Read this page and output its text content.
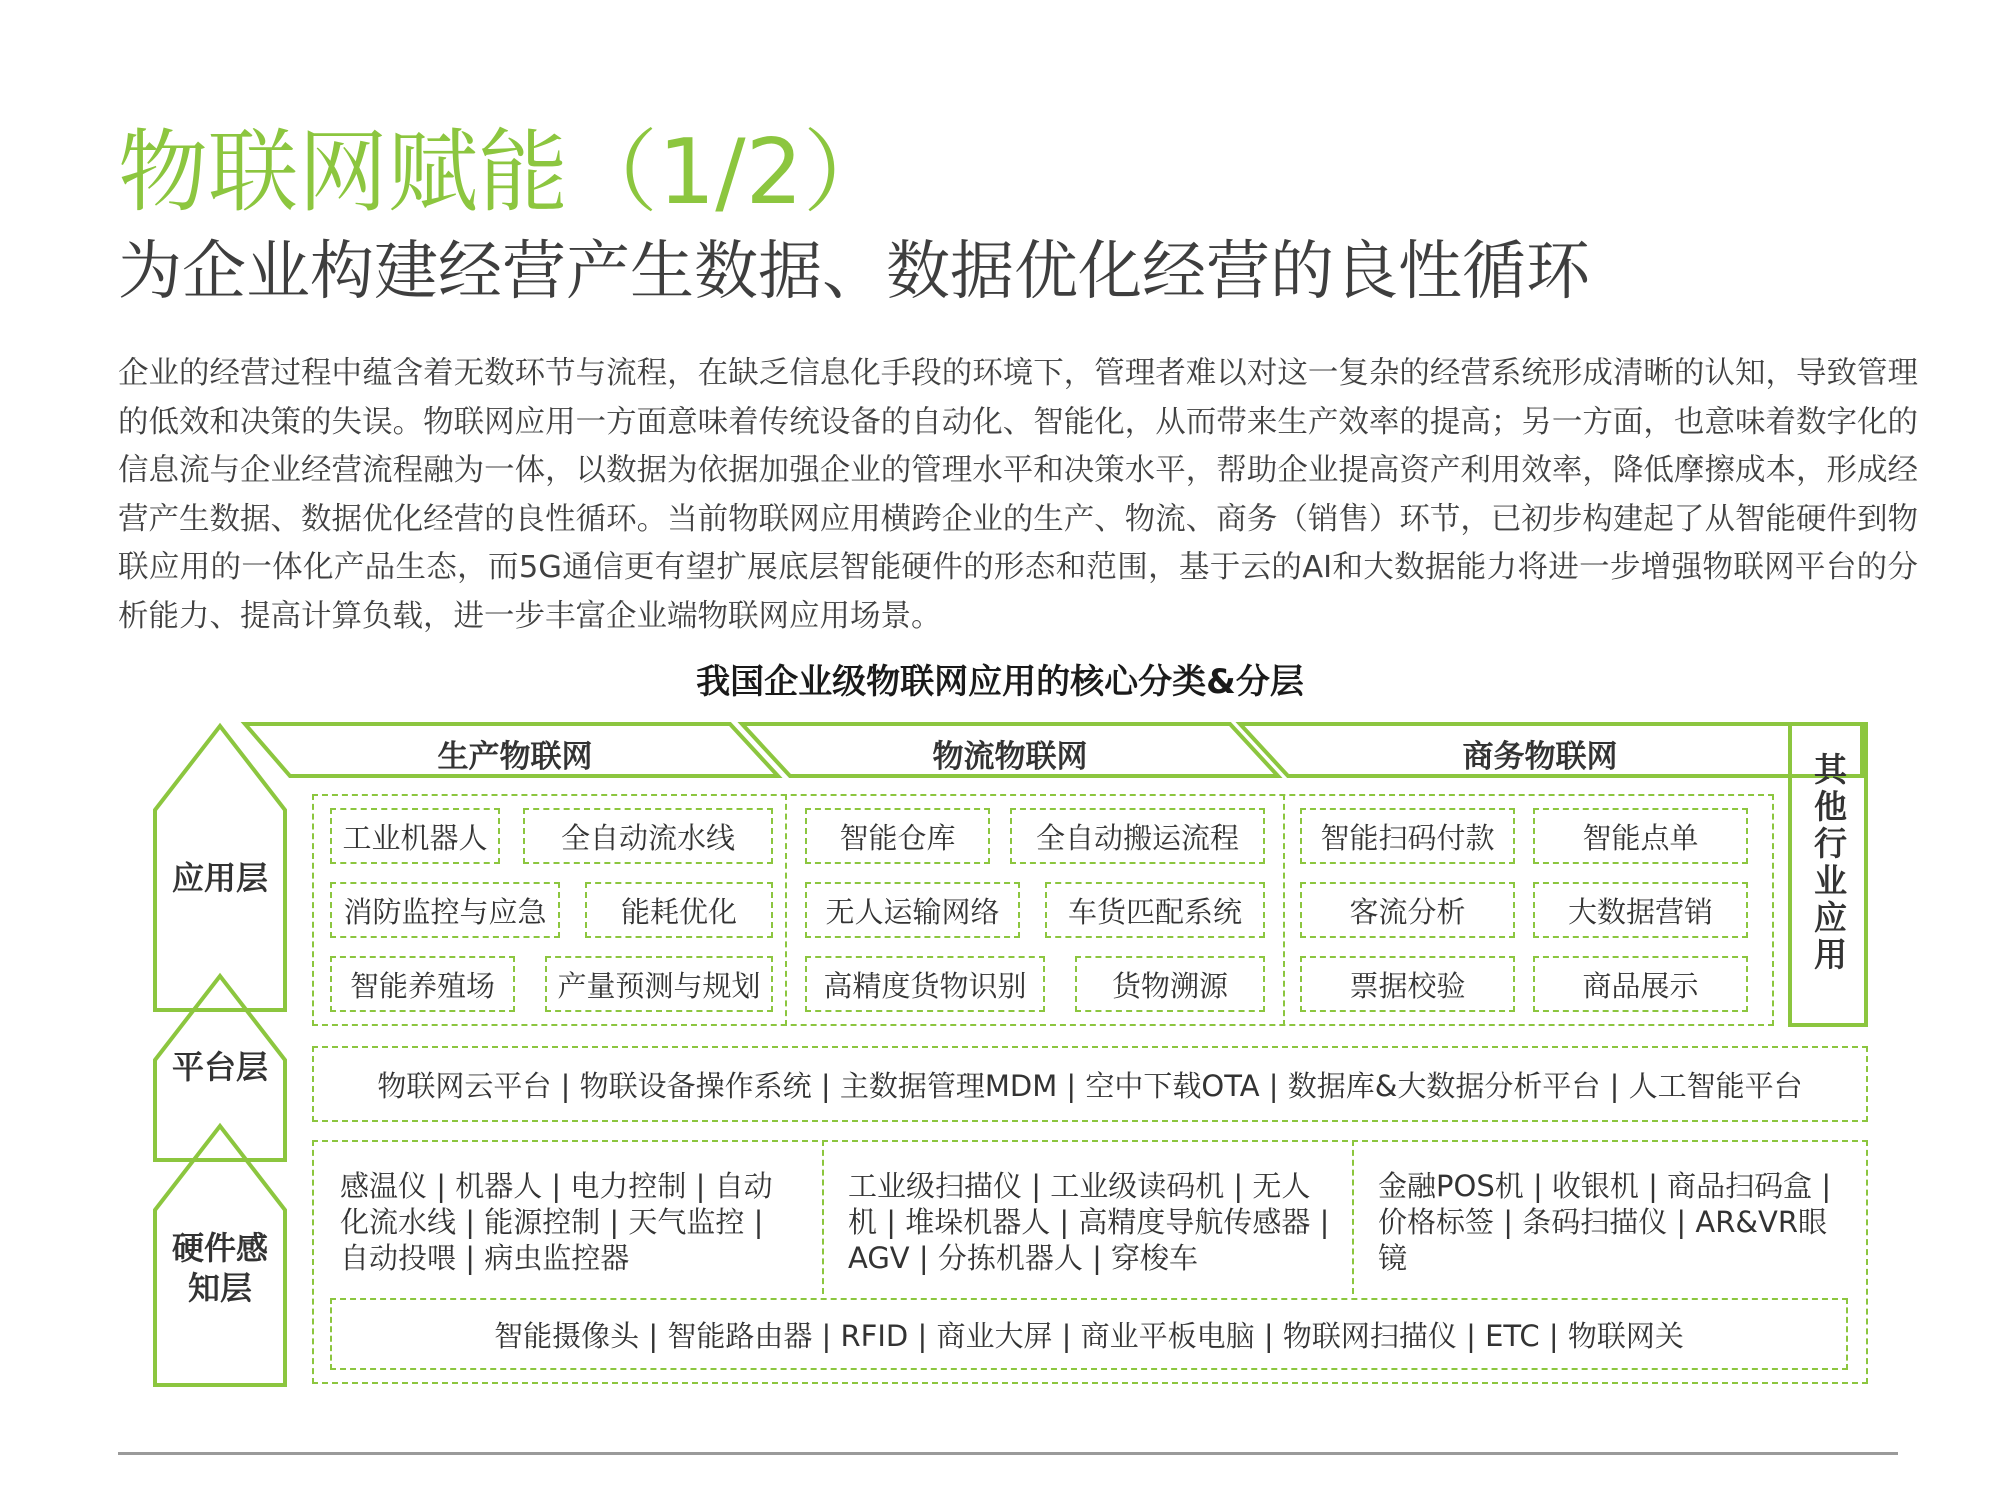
物联网赋能（1/2）
为企业构建经营产生数据、数据优化经营的良性循环
企业的经营过程中蕴含着无数环节与流程，在缺乏信息化手段的环境下，管理者难以对这一复杂的经营系统形成清晰的认知，导致管理的低效和决策的失误。物联网应用一方面意味着传统设备的自动化、智能化，从而带来生产效率的提高；另一方面，也意味着数字化的信息流与企业经营流程融为一体，以数据为依据加强企业的管理水平和决策水平，帮助企业提高资产利用效率，降低摩擦成本，形成经营产生数据、数据优化经营的良性循环。当前物联网应用横跨企业的生产、物流、商务（销售）环节，已初步构建起了从智能硬件到物联应用的一体化产品生态，而5G通信更有望扩展底层智能硬件的形态和范围，基于云的AI和大数据能力将进一步增强物联网平台的分析能力、提高计算负载，进一步丰富企业端物联网应用场景。
我国企业级物联网应用的核心分类&分层
应用层
平台层
硬件感知层
生产物联网	物流物联网	商务物联网	其他行业应用
工业机器人	全自动流水线
消防监控与应急	能耗优化
智能养殖场	产量预测与规划
智能仓库	全自动搬运流程
无人运输网络	车货匹配系统
高精度货物识别	货物溯源
智能扫码付款	智能点单
客流分析	大数据营销
票据校验	商品展示
物联网云平台 | 物联设备操作系统 | 主数据管理MDM | 空中下载OTA | 数据库&大数据分析平台 | 人工智能平台
感温仪 | 机器人 | 电力控制 | 自动化流水线 | 能源控制 | 天气监控 | 自动投喂 | 病虫监控器
工业级扫描仪 | 工业级读码机 | 无人机 | 堆垛机器人 | 高精度导航传感器 | AGV | 分拣机器人 | 穿梭车
金融POS机 | 收银机 | 商品扫码盒 | 价格标签 | 条码扫描仪 | AR&VR眼镜
智能摄像头 | 智能路由器 | RFID | 商业大屏 | 商业平板电脑 | 物联网扫描仪 | ETC | 物联网关
